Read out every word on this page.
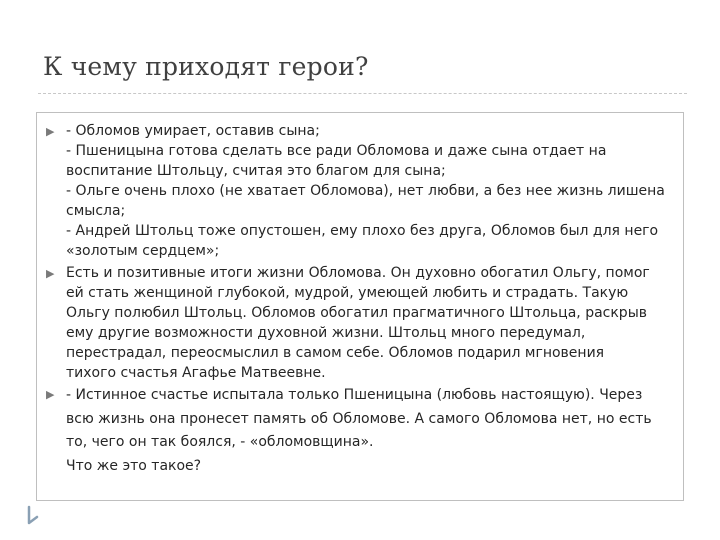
К чему приходят герои?
▶ - Обломов умирает, оставив сына;
- Пшеницына готова сделать все ради Обломова и даже сына отдает на
воспитание Штольцу, считая это благом для сына;
- Ольге очень плохо (не хватает Обломова), нет любви, а без нее жизнь лишена
смысла;
- Андрей Штольц тоже опустошен, ему плохо без друга, Обломов был для него
«золотым сердцем»;
▶ Есть и позитивные итоги жизни Обломова. Он духовно обогатил Ольгу, помог
ей стать женщиной глубокой, мудрой, умеющей любить и страдать. Такую
Ольгу полюбил Штольц. Обломов обогатил прагматичного Штольца, раскрыв
ему другие возможности духовной жизни. Штольц много передумал,
перестрадал, переосмыслил в самом себе. Обломов подарил мгновения
тихого счастья Агафье Матвеевне.
▶ - Истинное счастье испытала только Пшеницына (любовь настоящую). Через
всю жизнь она пронесет память об Обломове. А самого Обломова нет, но есть
то, чего он так боялся, - «обломовщина».
Что же это такое?
